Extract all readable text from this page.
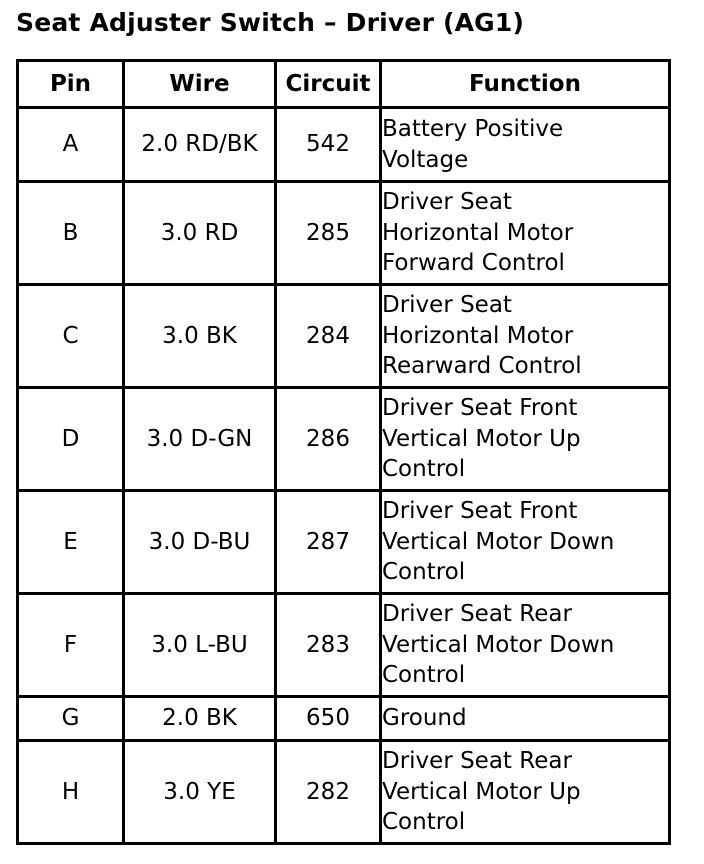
Seat Adjuster Switch – Driver (AG1)
Pin	Wire	Circuit	Function
A	2.0 RD/BK	542	Battery Positive
Voltage
B	3.0 RD	285	Driver Seat
Horizontal Motor
Forward Control
C	3.0 BK	284	Driver Seat
Horizontal Motor
Rearward Control
D	3.0 D-GN	286	Driver Seat Front
Vertical Motor Up
Control
E	3.0 D-BU	287	Driver Seat Front
Vertical Motor Down
Control
F	3.0 L-BU	283	Driver Seat Rear
Vertical Motor Down
Control
G	2.0 BK	650	Ground
H	3.0 YE	282	Driver Seat Rear
Vertical Motor Up
Control
